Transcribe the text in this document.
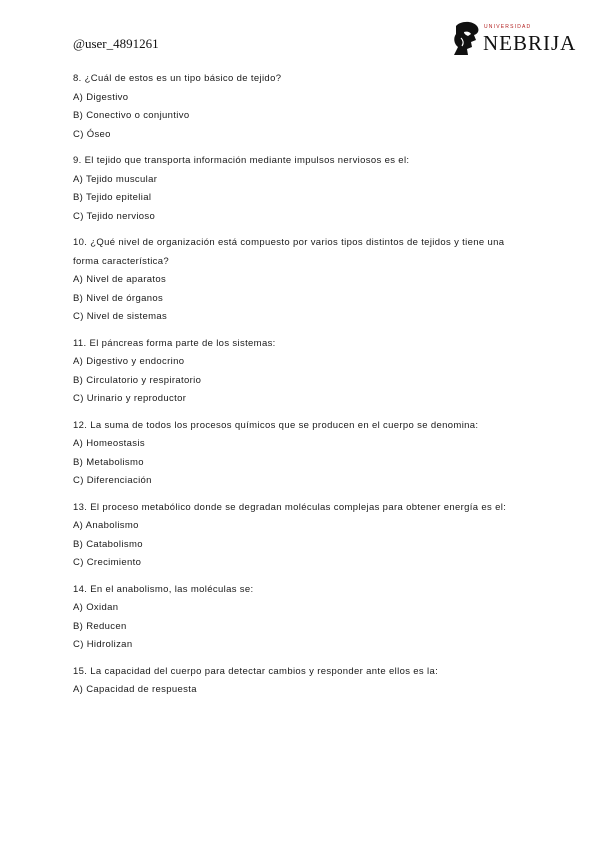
@user_4891261
UNIVERSIDAD
NEBRIJA

8. ¿Cuál de estos es un tipo básico de tejido?

A) Digestivo

B) Conectivo o conjuntivo

C) Óseo

9. El tejido que transporta información mediante impulsos nerviosos es el:

A) Tejido muscular

B) Tejido epitelial

C) Tejido nervioso

10. ¿Qué nivel de organización está compuesto por varios tipos distintos de tejidos y tiene una forma característica?

A) Nivel de aparatos

B) Nivel de órganos

C) Nivel de sistemas

11. El páncreas forma parte de los sistemas:

A) Digestivo y endocrino

B) Circulatorio y respiratorio

C) Urinario y reproductor

12. La suma de todos los procesos químicos que se producen en el cuerpo se denomina:

A) Homeostasis

B) Metabolismo

C) Diferenciación

13. El proceso metabólico donde se degradan moléculas complejas para obtener energía es el:

A) Anabolismo

B) Catabolismo

C) Crecimiento

14. En el anabolismo, las moléculas se:

A) Oxidan

B) Reducen

C) Hidrolizan

15. La capacidad del cuerpo para detectar cambios y responder ante ellos es la:

A) Capacidad de respuesta
